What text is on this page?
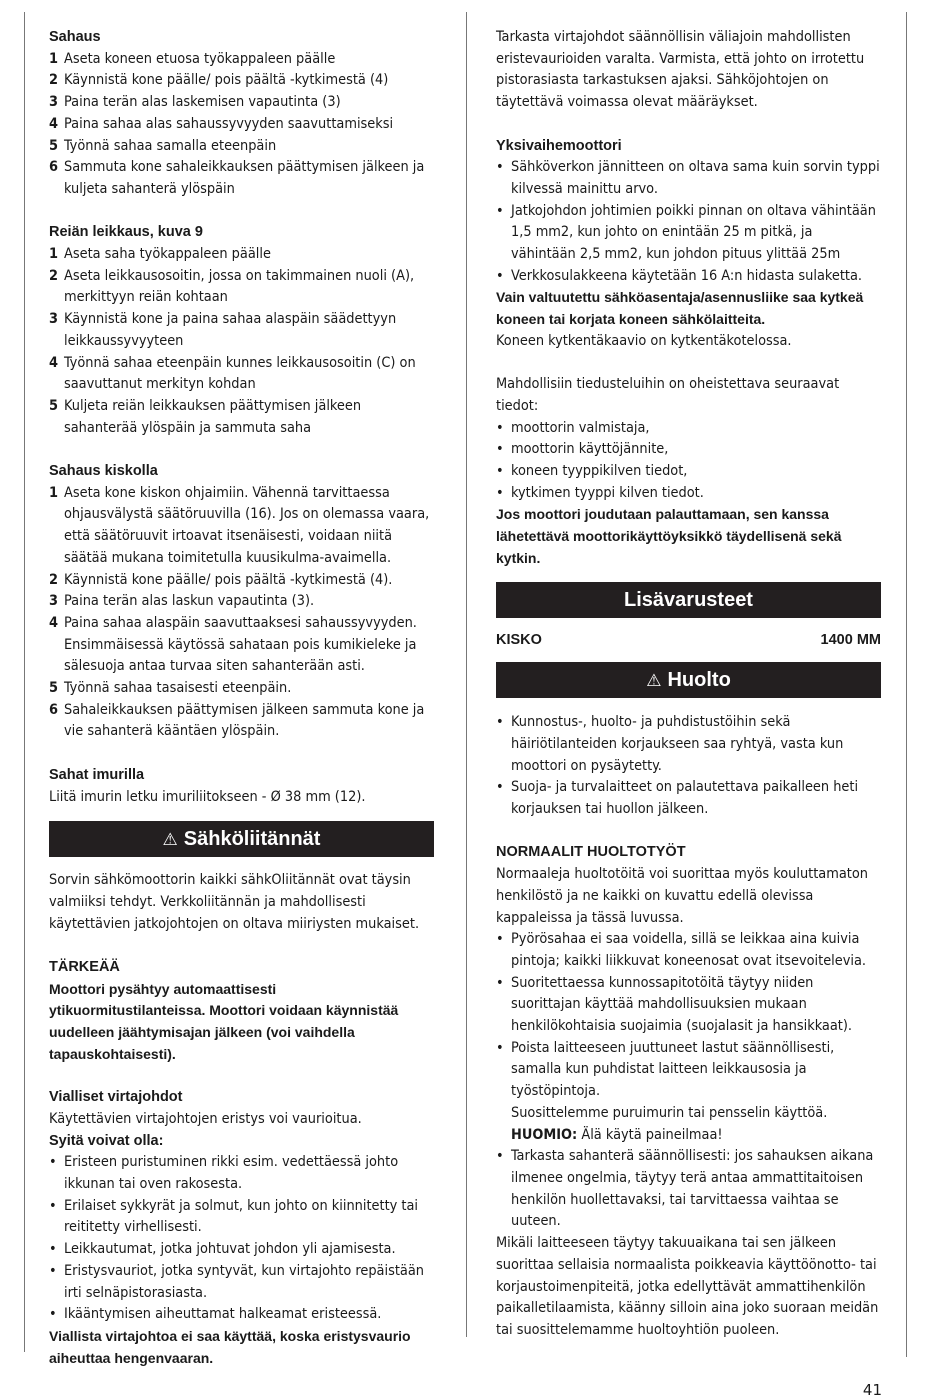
Sahaus
1 Aseta koneen etuosa työkappaleen päälle
2 Käynnistä kone päälle/ pois päältä -kytkimestä (4)
3 Paina terän alas laskemisen vapautinta (3)
4 Paina sahaa alas sahaussyvyyden saavuttamiseksi
5 Työnnä sahaa samalla eteenpäin
6 Sammuta kone sahaleikkauksen päättymisen jälkeen ja kuljeta sahanterä ylöspäin
Reiän leikkaus, kuva 9
1 Aseta saha työkappaleen päälle
2 Aseta leikkausosoitin, jossa on takimmainen nuoli (A), merkittyyn reiän kohtaan
3 Käynnistä kone ja paina sahaa alaspäin säädettyyn leikkaussyvyyteen
4 Työnnä sahaa eteenpäin kunnes leikkausosoitin (C) on saavuttanut merkityn kohdan
5 Kuljeta reiän leikkauksen päättymisen jälkeen sahanterää ylöspäin ja sammuta saha
Sahaus kiskolla
1 Aseta kone kiskon ohjaimiin. Vähennä tarvittaessa ohjausvälystä säätöruuvilla (16). Jos on olemassa vaara, että säätöruuvit irtoavat itsenäisesti, voidaan niitä säätää mukana toimitetulla kuusikulma-avaimella.
2 Käynnistä kone päälle/ pois päältä -kytkimestä (4).
3 Paina terän alas laskun vapautinta (3).
4 Paina sahaa alaspäin saavuttaaksesi sahaussyvyyden. Ensimmäisessä käytössä sahataan pois kumikieleke ja sälesuoja antaa turvaa siten sahanterään asti.
5 Työnnä sahaa tasaisesti eteenpäin.
6 Sahaleikkauksen päättymisen jälkeen sammuta kone ja vie sahanterä kääntäen ylöspäin.
Sahat imurilla
Liitä imurin letku imuriliitokseen - Ø 38 mm (12).
⚠ Sähköliitännät
Sorvin sähkömoottorin kaikki sähkOliitännät ovat täysin valmiiksi tehdyt. Verkkoliitännän ja mahdollisesti käytettävien jatkojohtojen on oltava miiriysten mukaiset.
TÄRKEÄÄ
Moottori pysähtyy automaattisesti ytikuormitustilanteissa. Moottori voidaan käynnistää uudelleen jäähtymisajan jälkeen (voi vaihdella tapauskohtaisesti).
Vialliset virtajohdot
Käytettävien virtajohtojen eristys voi vaurioitua.
Syitä voivat olla:
• Eristeen puristuminen rikki esim. vedettäessä johto ikkunan tai oven rakosesta.
• Erilaiset sykkyrät ja solmut, kun johto on kiinnitetty tai reititetty virhellisesti.
• Leikkautumat, jotka johtuvat johdon yli ajamisesta.
• Eristysvauriot, jotka syntyvät, kun virtajohto repäistään irti selnäpistorasiasta.
• Ikääntymisen aiheuttamat halkeamat eristeessä.
Viallista virtajohtoa ei saa käyttää, koska eristysvaurio aiheuttaa hengenvaaran.
Tarkasta virtajohdot säännöllisin väliajoin mahdollisten eristevaurioiden varalta. Varmista, että johto on irrotettu pistorasiasta tarkastuksen ajaksi. Sähköjohtojen on täytettävä voimassa olevat määräykset.
Yksivaihemoottori
• Sähköverkon jännitteen on oltava sama kuin sorvin typpi kilvessä mainittu arvo.
• Jatkojohdon johtimien poikki pinnan on oltava vähintään 1,5 mm2, kun johto on enintään 25 m pitkä, ja vähintään 2,5 mm2, kun johdon pituus ylittää 25m
• Verkkosulakkeena käytetään 16 A:n hidasta sulaketta.
Vain valtuutettu sähköasentaja/asennusliike saa kytkeä koneen tai korjata koneen sähkölaitteita.
Koneen kytkentäkaavio on kytkentäkotelossa.
Mahdollisiin tiedusteluihin on oheistettava seuraavat tiedot:
• moottorin valmistaja,
• moottorin käyttöjännite,
• koneen tyyppikilven tiedot,
• kytkimen tyyppi kilven tiedot.
Jos moottori joudutaan palauttamaan, sen kanssa lähetettävä moottorikäyttöyksikkö täydellisenä sekä kytkin.
Lisävarusteet
KISKO	1400 MM
⚠ Huolto
• Kunnostus-, huolto- ja puhdistustöihin sekä häiriötilanteiden korjaukseen saa ryhtyä, vasta kun moottori on pysäytetty.
• Suoja- ja turvalaitteet on palautettava paikalleen heti korjauksen tai huollon jälkeen.
NORMAALIT HUOLTOTYÖT
Normaaleja huoltotöitä voi suorittaa myös kouluttamaton henkilöstö ja ne kaikki on kuvattu edellä olevissa kappaleissa ja tässä luvussa.
• Pyörösahaa ei saa voidella, sillä se leikkaa aina kuivia pintoja; kaikki liikkuvat koneenosat ovat itsevoitelevia.
• Suoritettaessa kunnossapitotöitä täytyy niiden suorittajan käyttää mahdollisuuksien mukaan henkilökohtaisia suojaimia (suojalasit ja hansikkaat).
• Poista laitteeseen juuttuneet lastut säännöllisesti, samalla kun puhdistat laitteen leikkausosia ja työstöpintoja.
Suosittelemme puruimurin tai pensselin käyttöä.
HUOMIO: Älä käytä paineilmaa!
• Tarkasta sahanterä säännöllisesti: jos sahauksen aikana ilmenee ongelmia, täytyy terä antaa ammattitaitoisen henkilön huollettavaksi, tai tarvittaessa vaihtaa se uuteen.
Mikäli laitteeseen täytyy takuuaikana tai sen jälkeen suorittaa sellaisia normaalista poikkeavia käyttöönotto- tai korjaustoimenpiteitä, jotka edellyttävät ammattihenkilön paikalletilaamista, käänny silloin aina joko suoraan meidän tai suosittelemamme huoltoyhtiön puoleen.
41
